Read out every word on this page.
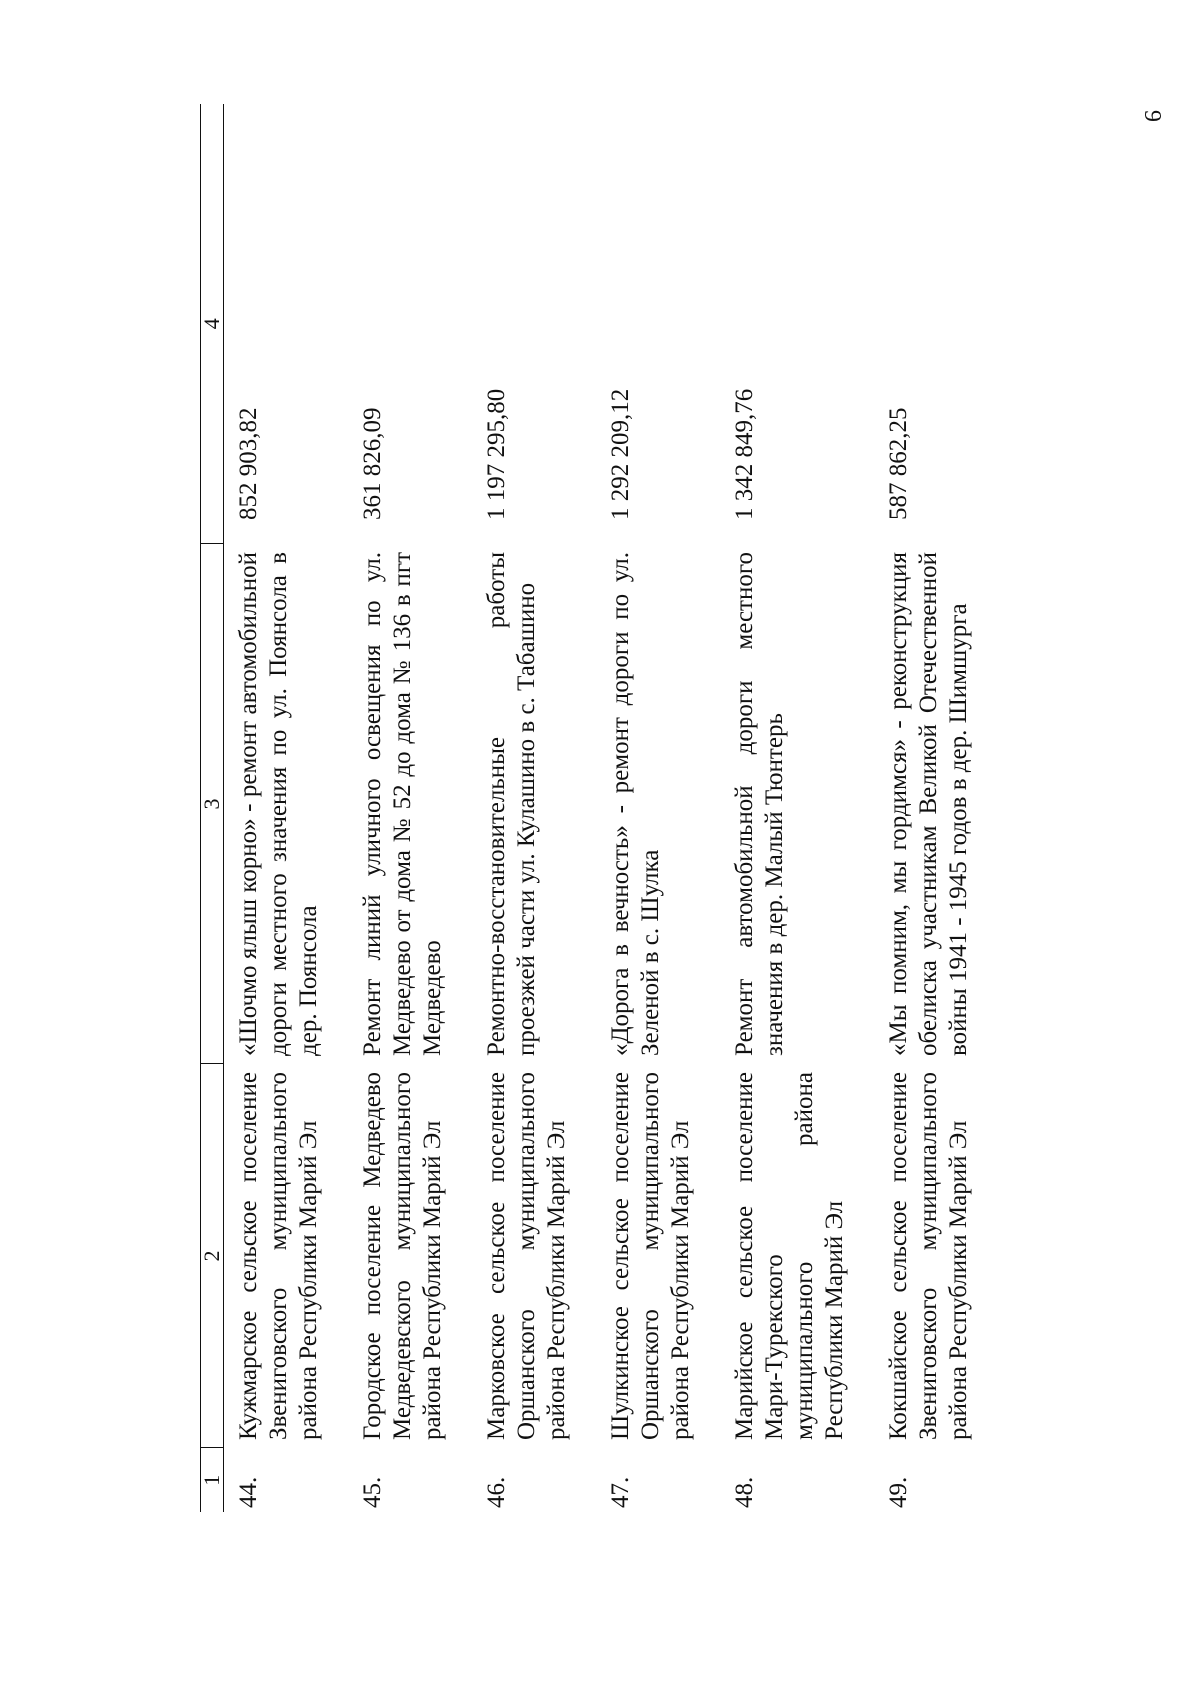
9
1	2	3	4
44.	Кужмарское сельское поселение Звениговского муниципального района Республики Марий Эл	«Шочмо ялыш корно» - ремонт автомобильной дороги местного значения по ул. Поянсола в дер. Поянсола	852 903,82
45.	Городское поселение Медведево Медведевского муниципального района Республики Марий Эл	Ремонт линий уличного освещения по ул. Медведево от дома № 52 до дома № 136 в пгт Медведево	361 826,09
46.	Марковское сельское поселение Оршанского муниципального района Республики Марий Эл	Ремонтно-восстановительные работы проезжей части ул. Кулашино в с. Табашино	1 197 295,80
47.	Шулкинское сельское поселение Оршанского муниципального района Республики Марий Эл	«Дорога в вечность» - ремонт дороги по ул. Зеленой в с. Шулка	1 292 209,12
48.	Марийское сельское поселение Мари-Турекского муниципального района Республики Марий Эл	Ремонт автомобильной дороги местного значения в дер. Малый Тюнтерь	1 342 849,76
49.	Кокшайское сельское поселение Звениговского муниципального района Республики Марий Эл	«Мы помним, мы гордимся» - реконструкция обелиска участникам Великой Отечественной войны 1941 - 1945 годов в дер. Шимшурга	587 862,25
